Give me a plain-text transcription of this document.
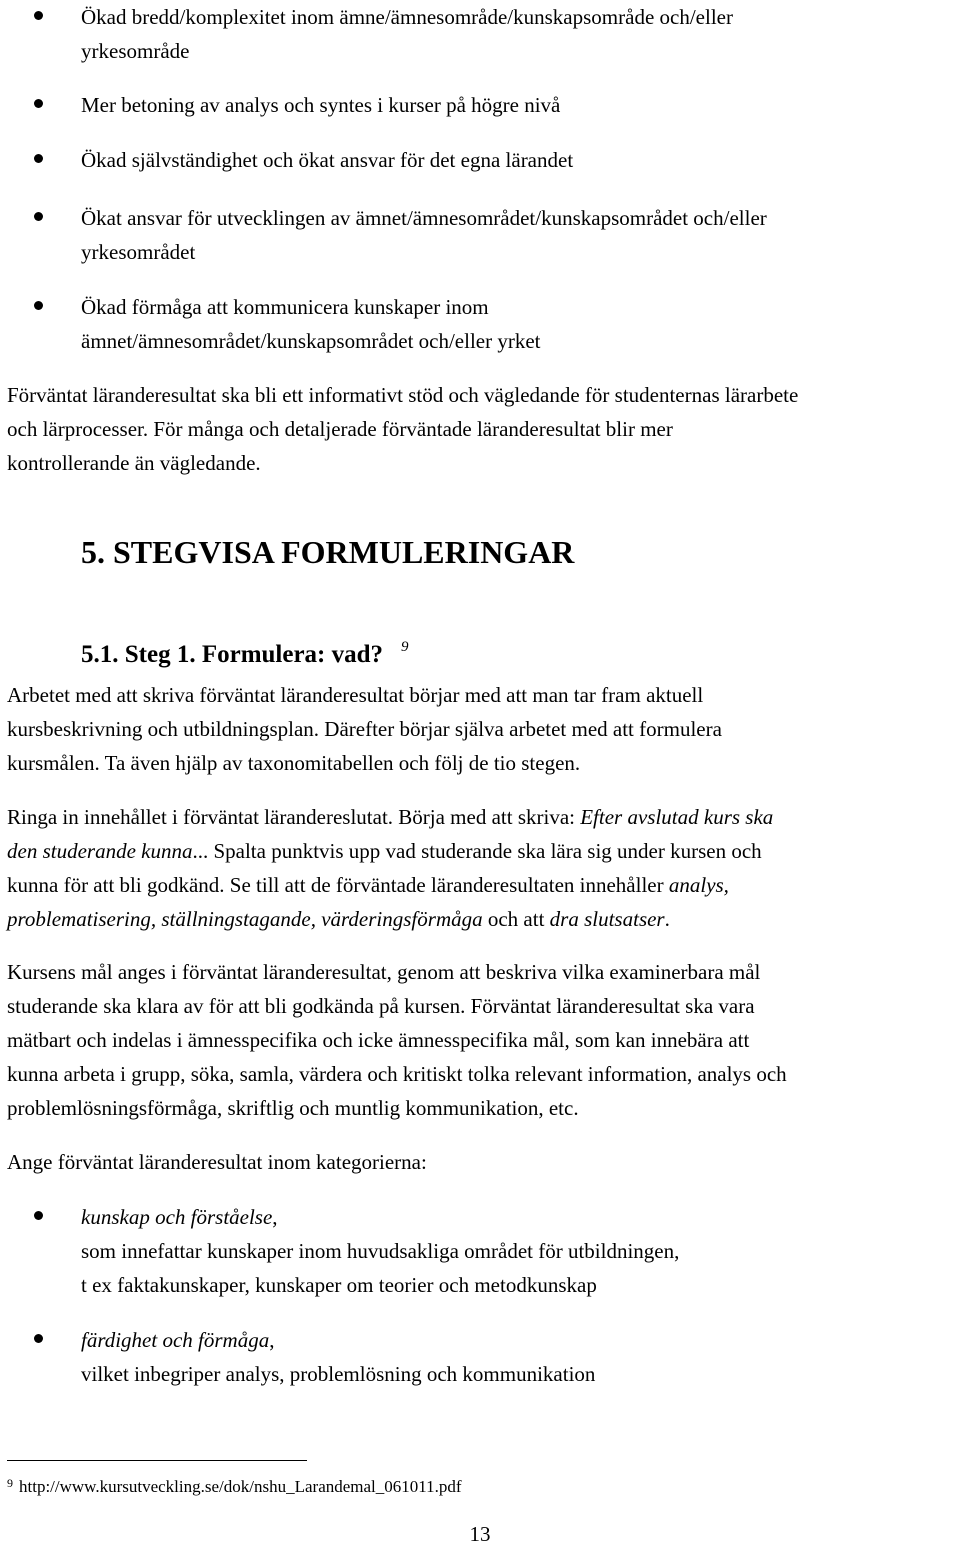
Ökad bredd/komplexitet inom ämne/ämnesområde/kunskapsområde och/eller
yrkesområde
Mer betoning av analys och syntes i kurser på högre nivå
Ökad självständighet och ökat ansvar för det egna lärandet
Ökat ansvar för utvecklingen av ämnet/ämnesområdet/kunskapsområdet och/eller
yrkesområdet
Ökad förmåga att kommunicera kunskaper inom
ämnet/ämnesområdet/kunskapsområdet och/eller yrket
Förväntat läranderesultat ska bli ett informativt stöd och vägledande för studenternas lärarbete
och lärprocesser. För många och detaljerade förväntade läranderesultat blir mer
kontrollerande än vägledande.
5. STEGVISA FORMULERINGAR
5.1. Steg 1. Formulera: vad? $^9$
Arbetet med att skriva förväntat läranderesultat börjar med att man tar fram aktuell
kursbeskrivning och utbildningsplan. Därefter börjar själva arbetet med att formulera
kursmålen. Ta även hjälp av taxonomitabellen och följ de tio stegen.
Ringa in innehållet i förväntat lärandereslutat. Börja med att skriva: Efter avslutad kurs ska
den studerande kunna... Spalta punktvis upp vad studerande ska lära sig under kursen och
kunna för att bli godkänd. Se till att de förväntade läranderesultaten innehåller analys,
problematisering, ställningstagande, värderingsförmåga och att dra slutsatser.
Kursens mål anges i förväntat läranderesultat, genom att beskriva vilka examinerbara mål
studerande ska klara av för att bli godkända på kursen. Förväntat läranderesultat ska vara
mätbart och indelas i ämnesspecifika och icke ämnesspecifika mål, som kan innebära att
kunna arbeta i grupp, söka, samla, värdera och kritiskt tolka relevant information, analys och
problemlösningsförmåga, skriftlig och muntlig kommunikation, etc.
Ange förväntat läranderesultat inom kategorierna:
kunskap och förståelse,
som innefattar kunskaper inom huvudsakliga området för utbildningen,
t ex faktakunskaper, kunskaper om teorier och metodkunskap
färdighet och förmåga,
vilket inbegriper analys, problemlösning och kommunikation
$^9$ http://www.kursutveckling.se/dok/nshu_Larandemal_061011.pdf
13
